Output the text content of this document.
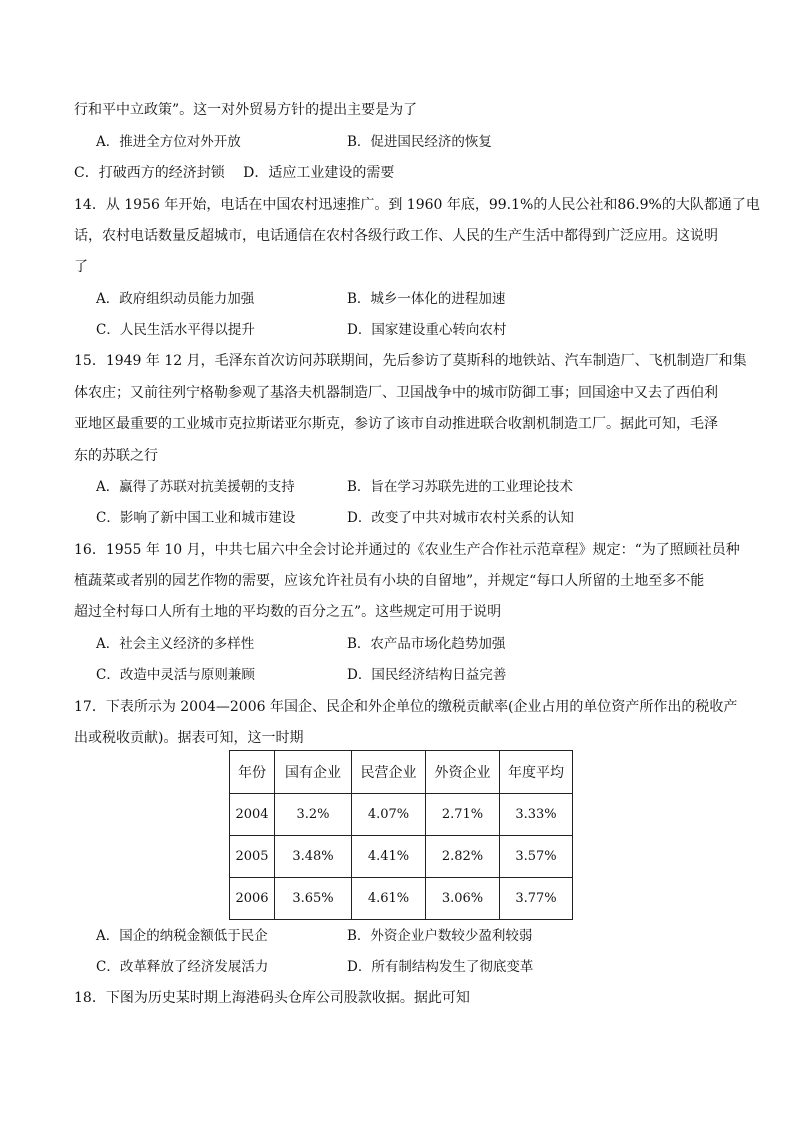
行和平中立政策”。这一对外贸易方针的提出主要是为了
A．推进全方位对外开放	B．促进国民经济的恢复
C．打破西方的经济封锁　 D．适应工业建设的需要
14．从 1956 年开始，电话在中国农村迅速推广。到 1960 年底，99.1%的人民公社和86.9%的大队都通了电
话，农村电话数量反超城市，电话通信在农村各级行政工作、人民的生产生活中都得到广泛应用。这说明
了
A．政府组织动员能力加强	B．城乡一体化的进程加速
C．人民生活水平得以提升	D．国家建设重心转向农村
15．1949 年 12 月，毛泽东首次访问苏联期间，先后参访了莫斯科的地铁站、汽车制造厂、飞机制造厂和集
体农庄；又前往列宁格勒参观了基洛夫机器制造厂、卫国战争中的城市防御工事；回国途中又去了西伯利
亚地区最重要的工业城市克拉斯诺亚尔斯克，参访了该市自动推进联合收割机制造工厂。据此可知，毛泽
东的苏联之行
A．赢得了苏联对抗美援朝的支持	B．旨在学习苏联先进的工业理论技术
C．影响了新中国工业和城市建设	D．改变了中共对城市农村关系的认知
16．1955 年 10 月，中共七届六中全会讨论并通过的《农业生产合作社示范章程》规定：“为了照顾社员种
植蔬菜或者别的园艺作物的需要，应该允许社员有小块的自留地”，并规定“每口人所留的土地至多不能
超过全村每口人所有土地的平均数的百分之五”。这些规定可用于说明
A．社会主义经济的多样性	B．农产品市场化趋势加强
C．改造中灵活与原则兼顾	D．国民经济结构日益完善
17．下表所示为 2004—2006 年国企、民企和外企单位的缴税贡献率(企业占用的单位资产所作出的税收产
出或税收贡献)。据表可知，这一时期
年份	国有企业	民营企业	外资企业	年度平均
2004	3.2%	4.07%	2.71%	3.33%
2005	3.48%	4.41%	2.82%	3.57%
2006	3.65%	4.61%	3.06%	3.77%
A．国企的纳税金额低于民企	B．外资企业户数较少盈利较弱
C．改革释放了经济发展活力	D．所有制结构发生了彻底变革
18．下图为历史某时期上海港码头仓库公司股款收据。据此可知
